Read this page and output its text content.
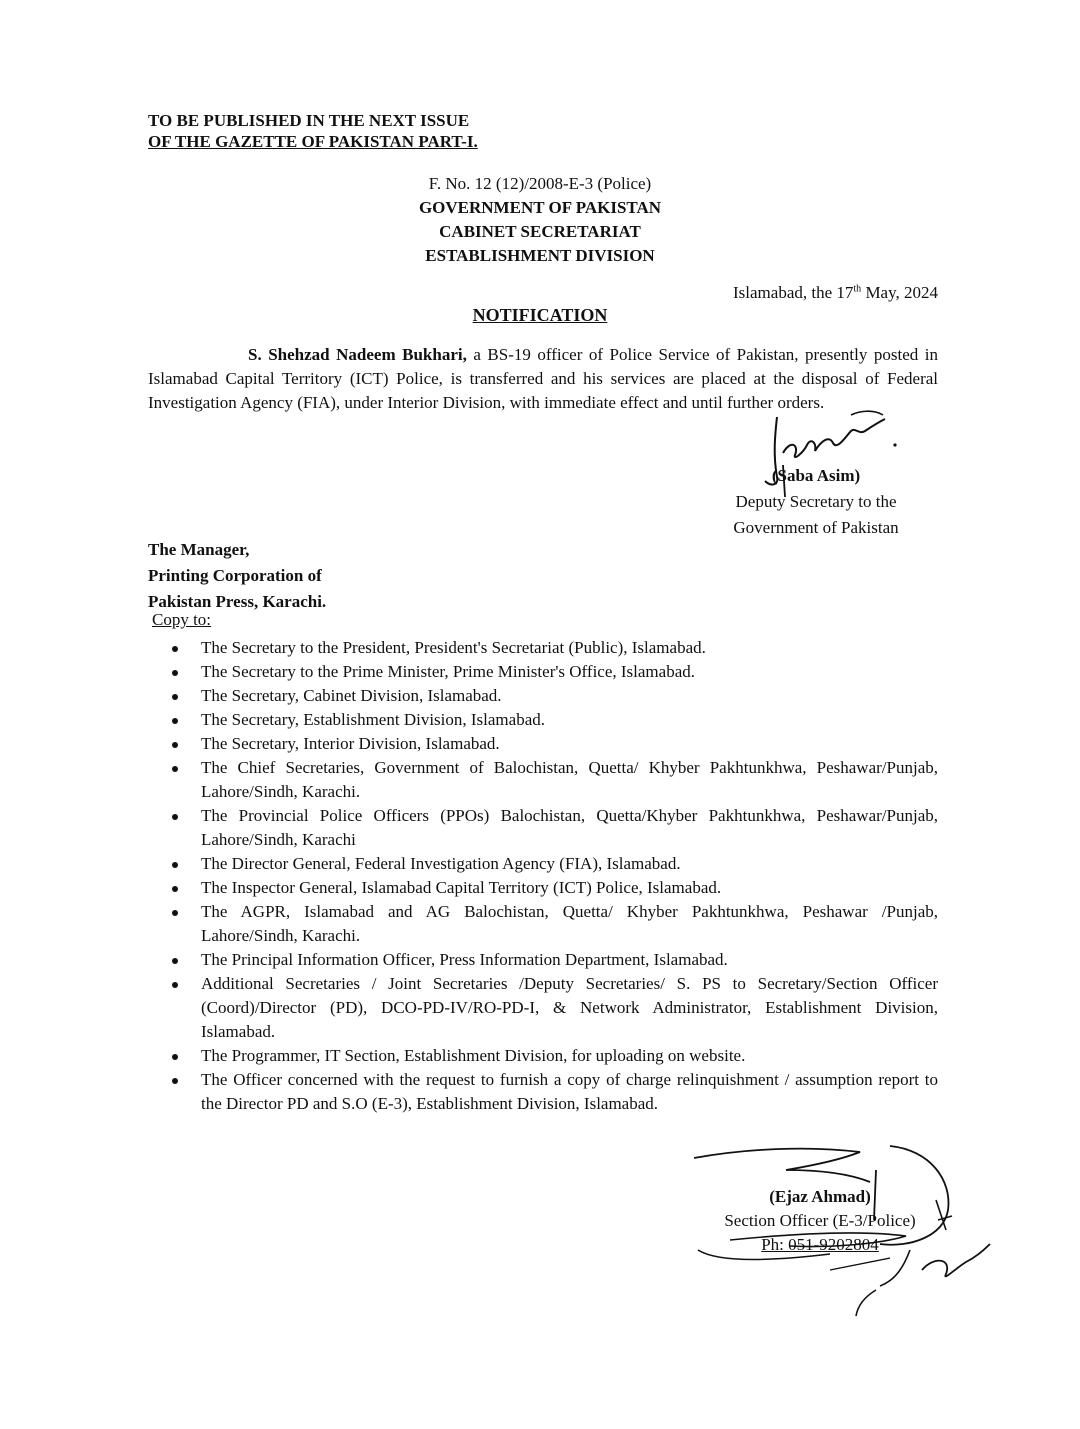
TO BE PUBLISHED IN THE NEXT ISSUE
OF THE GAZETTE OF PAKISTAN PART-I.
F. No. 12 (12)/2008-E-3 (Police)
GOVERNMENT OF PAKISTAN
CABINET SECRETARIAT
ESTABLISHMENT DIVISION
Islamabad, the 17th May, 2024
NOTIFICATION
S. Shehzad Nadeem Bukhari, a BS-19 officer of Police Service of Pakistan, presently posted in Islamabad Capital Territory (ICT) Police, is transferred and his services are placed at the disposal of Federal Investigation Agency (FIA), under Interior Division, with immediate effect and until further orders.
(Saba Asim)
Deputy Secretary to the
Government of Pakistan
The Manager,
Printing Corporation of
Pakistan Press, Karachi.
Copy to:
The Secretary to the President, President's Secretariat (Public), Islamabad.
The Secretary to the Prime Minister, Prime Minister's Office, Islamabad.
The Secretary, Cabinet Division, Islamabad.
The Secretary, Establishment Division, Islamabad.
The Secretary, Interior Division, Islamabad.
The Chief Secretaries, Government of Balochistan, Quetta/ Khyber Pakhtunkhwa, Peshawar/Punjab, Lahore/Sindh, Karachi.
The Provincial Police Officers (PPOs) Balochistan, Quetta/Khyber Pakhtunkhwa, Peshawar/Punjab, Lahore/Sindh, Karachi
The Director General, Federal Investigation Agency (FIA), Islamabad.
The Inspector General, Islamabad Capital Territory (ICT) Police, Islamabad.
The AGPR, Islamabad and AG Balochistan, Quetta/ Khyber Pakhtunkhwa, Peshawar /Punjab, Lahore/Sindh, Karachi.
The Principal Information Officer, Press Information Department, Islamabad.
Additional Secretaries / Joint Secretaries /Deputy Secretaries/ S. PS to Secretary/Section Officer (Coord)/Director (PD), DCO-PD-IV/RO-PD-I, & Network Administrator, Establishment Division, Islamabad.
The Programmer, IT Section, Establishment Division, for uploading on website.
The Officer concerned with the request to furnish a copy of charge relinquishment / assumption report to the Director PD and S.O (E-3), Establishment Division, Islamabad.
(Ejaz Ahmad)
Section Officer (E-3/Police)
Ph: 051-9202804
